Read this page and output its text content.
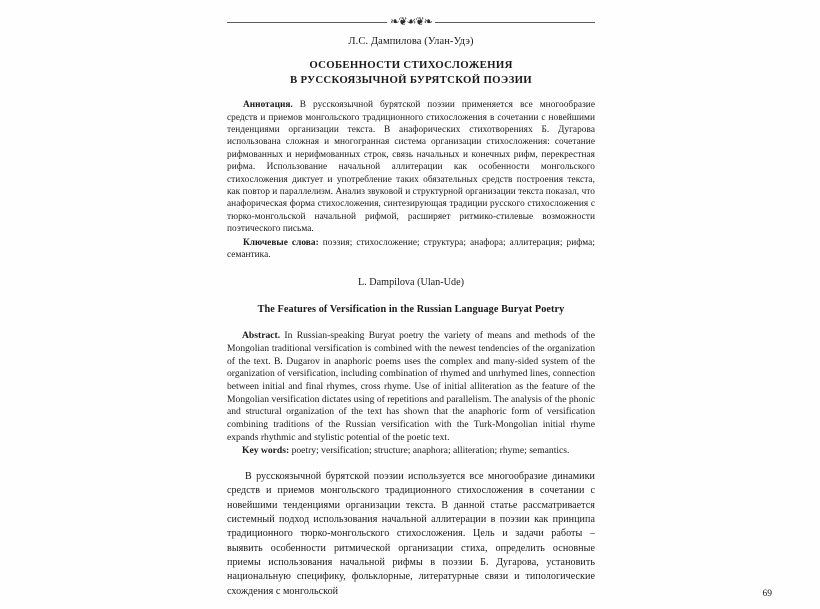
❧❦☙❦❧
Л.С. Дампилова (Улан-Удэ)
ОСОБЕННОСТИ СТИХОСЛОЖЕНИЯ
В РУССКОЯЗЫЧНОЙ БУРЯТСКОЙ ПОЭЗИИ

Аннотация. В русскоязычной бурятской поэзии применяется все многообразие средств и приемов монгольского традиционного стихосложения в сочетании с новейшими тенденциями организации текста. В анафорических стихотворениях Б. Дугарова использована сложная и многогранная система организации стихосложения: сочетание рифмованных и нерифмованных строк, связь начальных и конечных рифм, перекрестная рифма. Использование начальной аллитерации как особенности монгольского стихосложения диктует и употребление таких обязательных средств построения текста, как повтор и параллелизм. Анализ звуковой и структурной организации текста показал, что анафорическая форма стихосложения, синтезирующая традиции русского стихосложения с тюрко-монгольской начальной рифмой, расширяет ритмико-стилевые возможности поэтического письма.

Ключевые слова: поэзия; стихосложение; структура; анафора; аллитерация; рифма; семантика.

L. Dampilova (Ulan-Ude)
The Features of Versification in the Russian Language Buryat Poetry

Abstract. In Russian-speaking Buryat poetry the variety of means and methods of the Mongolian traditional versification is combined with the newest tendencies of the organization of the text. B. Dugarov in anaphoric poems uses the complex and many-sided system of the organization of versification, including combination of rhymed and unrhymed lines, connection between initial and final rhymes, cross rhyme. Use of initial alliteration as the feature of the Mongolian versification dictates using of repetitions and parallelism. The analysis of the phonic and structural organization of the text has shown that the anaphoric form of versification combining traditions of the Russian versification with the Turk-Mongolian initial rhyme expands rhythmic and stylistic potential of the poetic text.

Key words: poetry; versification; structure; anaphora; alliteration; rhyme; semantics.

В русскоязычной бурятской поэзии используется все многообразие динамики средств и приемов монгольского традиционного стихосложения в сочетании с новейшими тенденциями организации текста. В данной статье рассматривается системный подход использования начальной аллитерации в поэзии как принципа традиционного тюрко-монгольского стихосложения. Цель и задачи работы – выявить особенности ритмической организации стиха, определить основные приемы использования начальной рифмы в поэзии Б. Дугарова, установить национальную специфику, фольклорные, литературные связи и типологические схождения с монгольской	69
